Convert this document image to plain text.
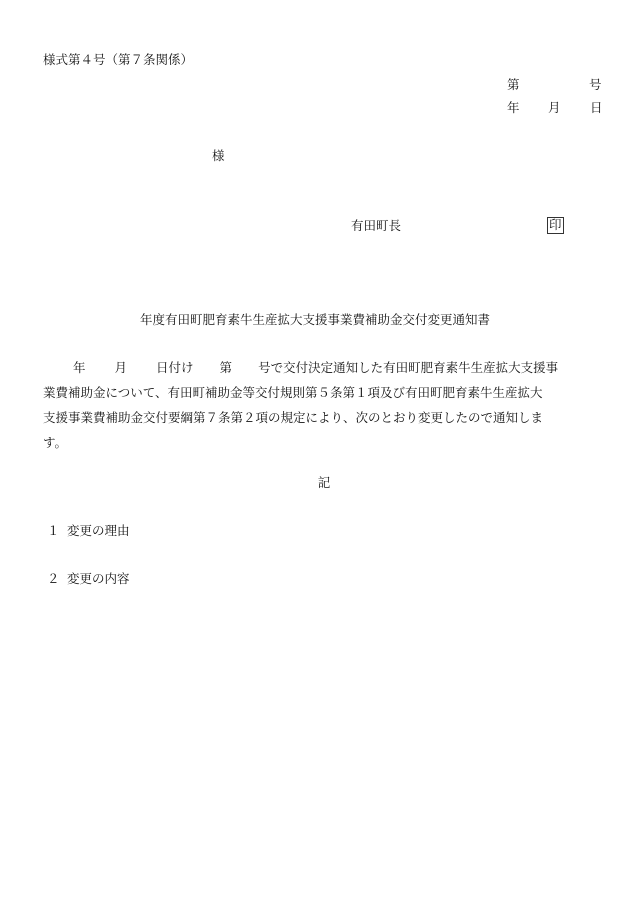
様式第４号（第７条関係）
第	号
年 月 日
様
有田町長	印
年度有田町肥育素牛生産拡大支援事業費補助金交付変更通知書
年 月 日付け 第 号で交付決定通知した有田町肥育素牛生産拡大支援事
業費補助金について、有田町補助金等交付規則第５条第１項及び有田町肥育素牛生産拡大
支援事業費補助金交付要綱第７条第２項の規定により、次のとおり変更したので通知しま
す。
記
１ 変更の理由
２ 変更の内容
